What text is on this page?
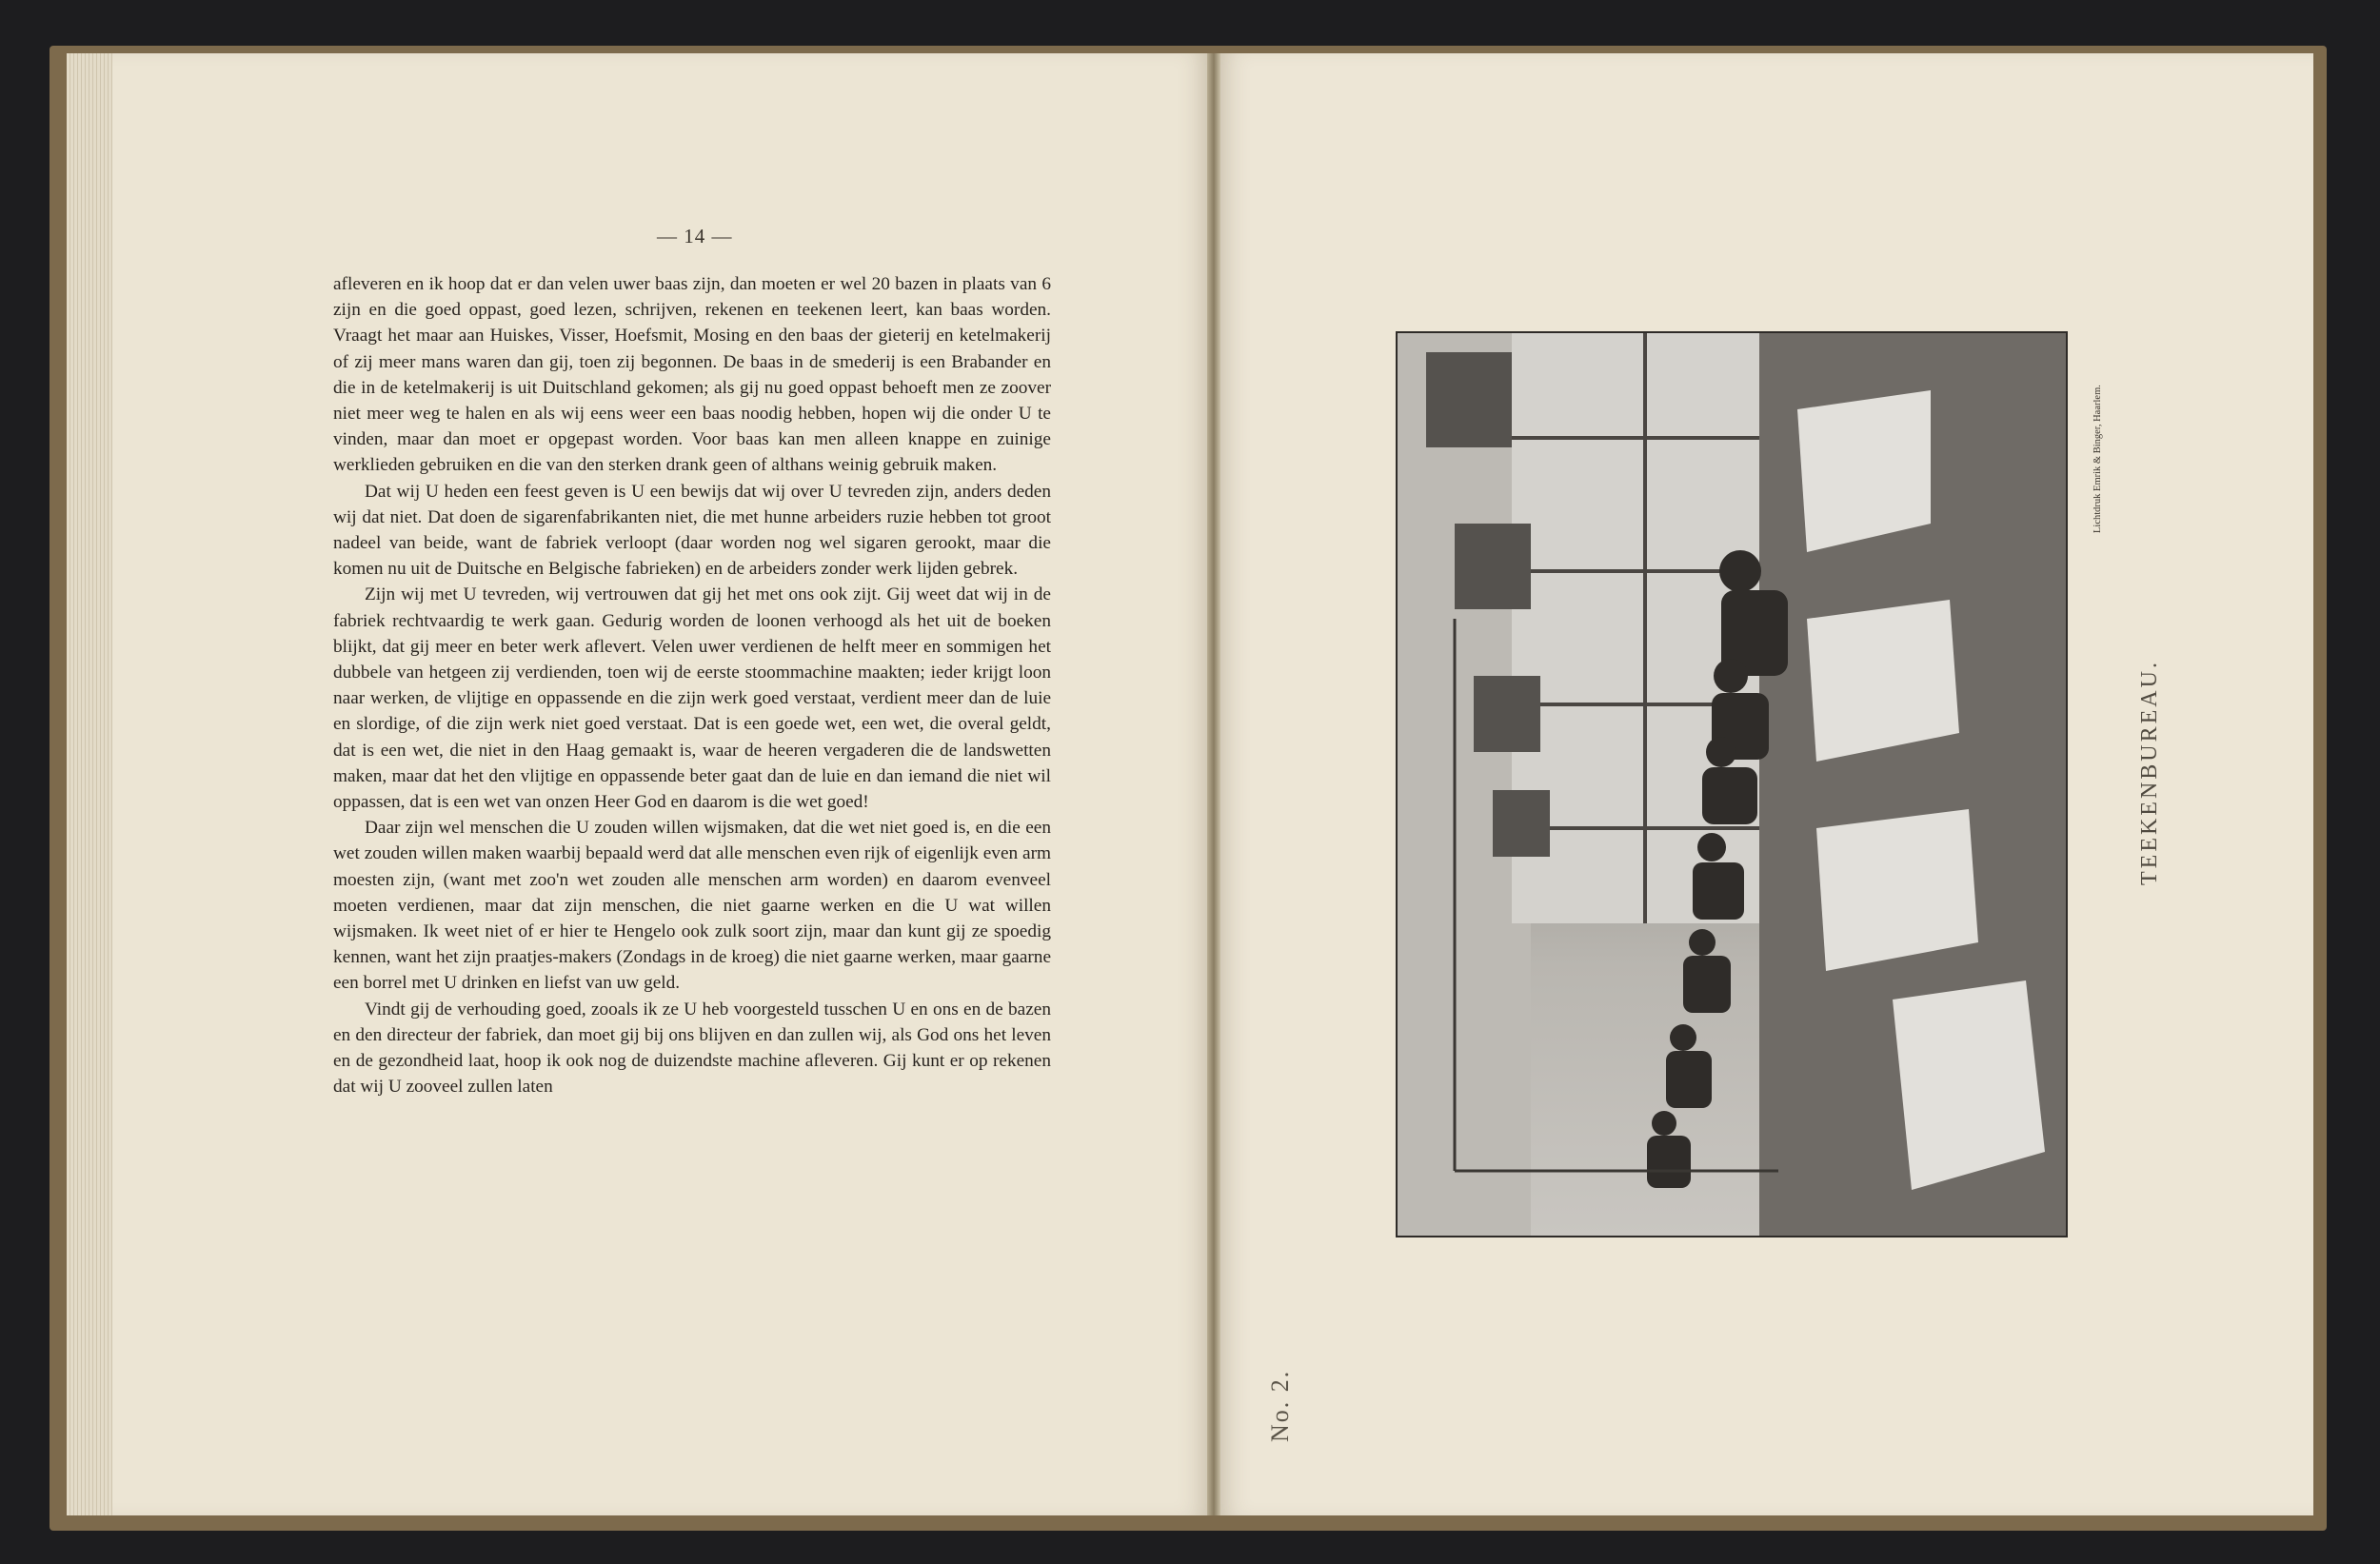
— 14 —

afleveren en ik hoop dat er dan velen uwer baas zijn, dan moeten er wel 20 bazen in plaats van 6 zijn en die goed oppast, goed lezen, schrijven, rekenen en teekenen leert, kan baas worden. Vraagt het maar aan Huiskes, Visser, Hoefsmit, Mosing en den baas der gieterij en ketelmakerij of zij meer mans waren dan gij, toen zij begonnen. De baas in de smederij is een Brabander en die in de ketelmakerij is uit Duitschland gekomen; als gij nu goed oppast behoeft men ze zoover niet meer weg te halen en als wij eens weer een baas noodig hebben, hopen wij die onder U te vinden, maar dan moet er opgepast worden. Voor baas kan men alleen knappe en zuinige werklieden gebruiken en die van den sterken drank geen of althans weinig gebruik maken.

Dat wij U heden een feest geven is U een bewijs dat wij over U tevreden zijn, anders deden wij dat niet. Dat doen de sigarenfabrikanten niet, die met hunne arbeiders ruzie hebben tot groot nadeel van beide, want de fabriek verloopt (daar worden nog wel sigaren gerookt, maar die komen nu uit de Duitsche en Belgische fabrieken) en de arbeiders zonder werk lijden gebrek.

Zijn wij met U tevreden, wij vertrouwen dat gij het met ons ook zijt. Gij weet dat wij in de fabriek rechtvaardig te werk gaan. Gedurig worden de loonen verhoogd als het uit de boeken blijkt, dat gij meer en beter werk aflevert. Velen uwer verdienen de helft meer en sommigen het dubbele van hetgeen zij verdienden, toen wij de eerste stoommachine maakten; ieder krijgt loon naar werken, de vlijtige en oppassende en die zijn werk goed verstaat, verdient meer dan de luie en slordige, of die zijn werk niet goed verstaat. Dat is een goede wet, een wet, die overal geldt, dat is een wet, die niet in den Haag gemaakt is, waar de heeren vergaderen die de landswetten maken, maar dat het den vlijtige en oppassende beter gaat dan de luie en dan iemand die niet wil oppassen, dat is een wet van onzen Heer God en daarom is die wet goed!

Daar zijn wel menschen die U zouden willen wijsmaken, dat die wet niet goed is, en die een wet zouden willen maken waarbij bepaald werd dat alle menschen even rijk of eigenlijk even arm moesten zijn, (want met zoo'n wet zouden alle menschen arm worden) en daarom evenveel moeten verdienen, maar dat zijn menschen, die niet gaarne werken en die U wat willen wijsmaken. Ik weet niet of er hier te Hengelo ook zulk soort zijn, maar dan kunt gij ze spoedig kennen, want het zijn praatjes-makers (Zondags in de kroeg) die niet gaarne werken, maar gaarne een borrel met U drinken en liefst van uw geld.

Vindt gij de verhouding goed, zooals ik ze U heb voorgesteld tusschen U en ons en de bazen en den directeur der fabriek, dan moet gij bij ons blijven en dan zullen wij, als God ons het leven en de gezondheid laat, hoop ik ook nog de duizendste machine afleveren. Gij kunt er op rekenen dat wij U zooveel zullen laten

Lichtdruk Emrik & Binger, Haarlem.
TEEKENBUREAU.
No. 2.
